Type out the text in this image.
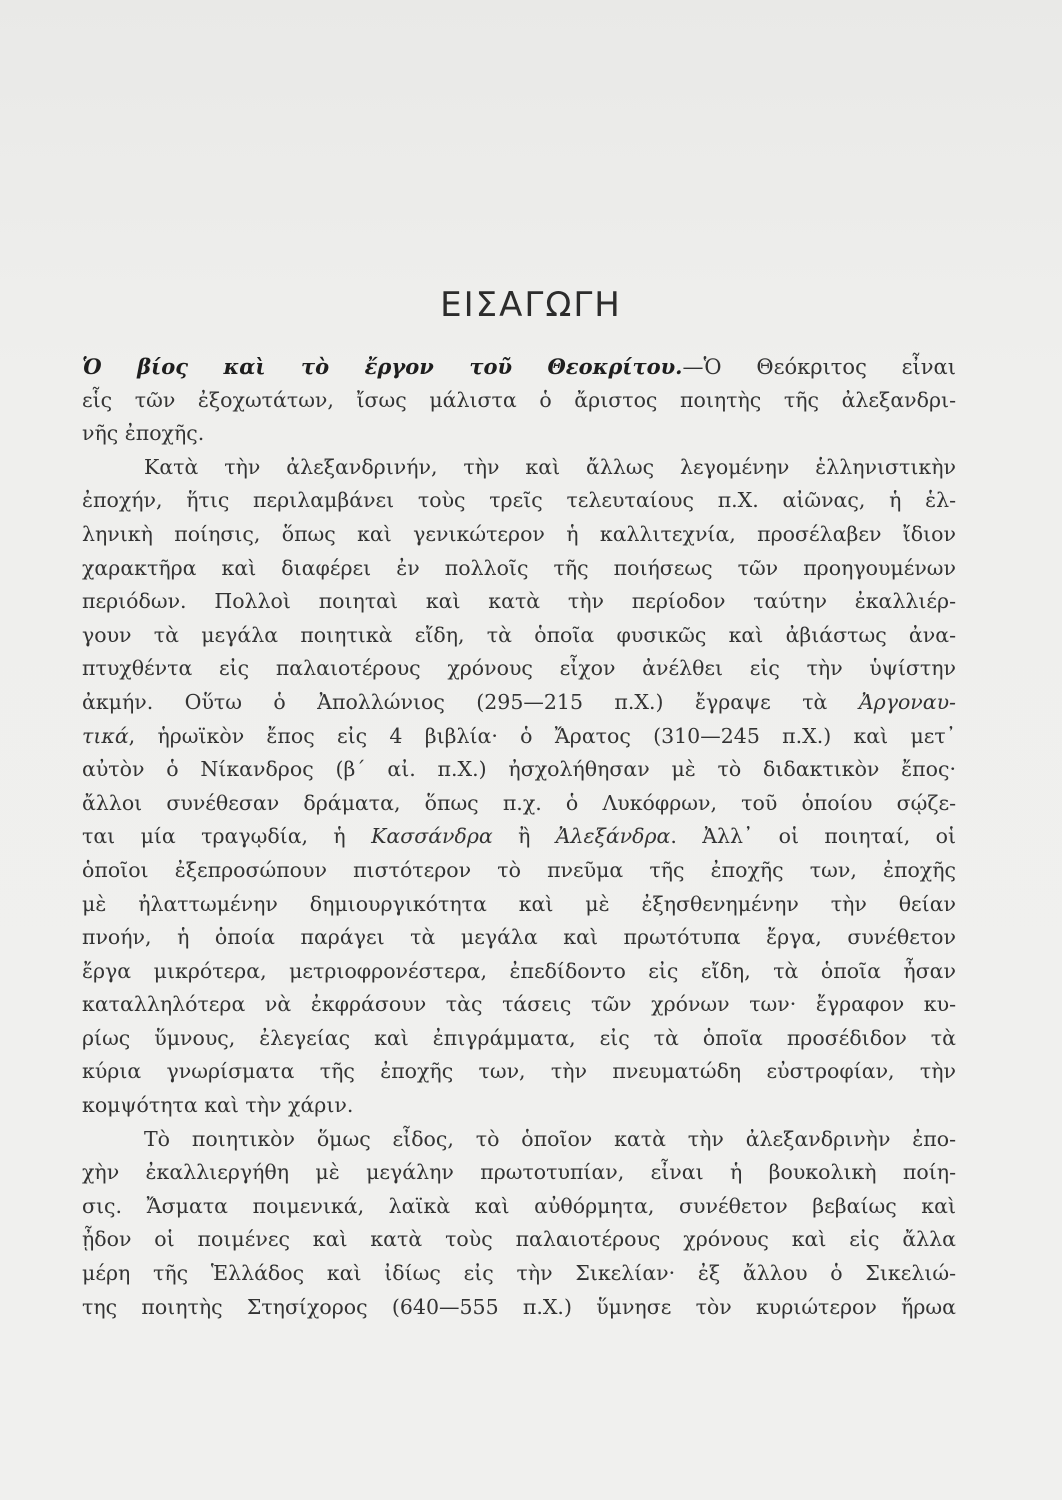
ΕΙΣΑΓΩΓΗ
Ὁ βίος καὶ τὸ ἔργον τοῦ Θεοκρίτου.—Ὁ Θεόκριτος εἶναι
εἷς τῶν ἐξοχωτάτων, ἴσως μάλιστα ὁ ἄριστος ποιητὴς τῆς ἀλεξανδρι-
νῆς ἐποχῆς.
Κατὰ τὴν ἀλεξανδρινήν, τὴν καὶ ἄλλως λεγομένην ἑλληνιστικὴν
ἐποχήν, ἥτις περιλαμβάνει τοὺς τρεῖς τελευταίους π.Χ. αἰῶνας, ἡ ἑλ-
ληνικὴ ποίησις, ὅπως καὶ γενικώτερον ἡ καλλιτεχνία, προσέλαβεν ἴδιον
χαρακτῆρα καὶ διαφέρει ἐν πολλοῖς τῆς ποιήσεως τῶν προηγουμένων
περιόδων. Πολλοὶ ποιηταὶ καὶ κατὰ τὴν περίοδον ταύτην ἐκαλλιέρ-
γουν τὰ μεγάλα ποιητικὰ εἴδη, τὰ ὁποῖα φυσικῶς καὶ ἀβιάστως ἀνα-
πτυχθέντα εἰς παλαιοτέρους χρόνους εἶχον ἀνέλθει εἰς τὴν ὑψίστην
ἀκμήν. Οὕτω ὁ Ἀπολλώνιος (295—215 π.Χ.) ἔγραψε τὰ Ἀργοναυ-
τικά, ἡρωϊκὸν ἔπος εἰς 4 βιβλία· ὁ Ἄρατος (310—245 π.Χ.) καὶ μετ᾿
αὐτὸν ὁ Νίκανδρος (β΄ αἰ. π.Χ.) ἠσχολήθησαν μὲ τὸ διδακτικὸν ἔπος·
ἄλλοι συνέθεσαν δράματα, ὅπως π.χ. ὁ Λυκόφρων, τοῦ ὁποίου σῴζε-
ται μία τραγῳδία, ἡ Κασσάνδρα ἢ Ἀλεξάνδρα. Ἀλλ᾿ οἱ ποιηταί, οἱ
ὁποῖοι ἐξεπροσώπουν πιστότερον τὸ πνεῦμα τῆς ἐποχῆς των, ἐποχῆς
μὲ ἠλαττωμένην δημιουργικότητα καὶ μὲ ἐξησθενημένην τὴν θείαν
πνοήν, ἡ ὁποία παράγει τὰ μεγάλα καὶ πρωτότυπα ἔργα, συνέθετον
ἔργα μικρότερα, μετριοφρονέστερα, ἐπεδίδοντο εἰς εἴδη, τὰ ὁποῖα ἦσαν
καταλληλότερα νὰ ἐκφράσουν τὰς τάσεις τῶν χρόνων των· ἔγραφον κυ-
ρίως ὕμνους, ἐλεγείας καὶ ἐπιγράμματα, εἰς τὰ ὁποῖα προσέδιδον τὰ
κύρια γνωρίσματα τῆς ἐποχῆς των, τὴν πνευματώδη εὐστροφίαν, τὴν
κομψότητα καὶ τὴν χάριν.
Τὸ ποιητικὸν ὅμως εἶδος, τὸ ὁποῖον κατὰ τὴν ἀλεξανδρινὴν ἐπο-
χὴν ἐκαλλιεργήθη μὲ μεγάλην πρωτοτυπίαν, εἶναι ἡ βουκολικὴ ποίη-
σις. Ἄσματα ποιμενικά, λαϊκὰ καὶ αὐθόρμητα, συνέθετον βεβαίως καὶ
ᾖδον οἱ ποιμένες καὶ κατὰ τοὺς παλαιοτέρους χρόνους καὶ εἰς ἄλλα
μέρη τῆς Ἑλλάδος καὶ ἰδίως εἰς τὴν Σικελίαν· ἐξ ἄλλου ὁ Σικελιώ-
της ποιητὴς Στησίχορος (640—555 π.Χ.) ὕμνησε τὸν κυριώτερον ἥρωα
